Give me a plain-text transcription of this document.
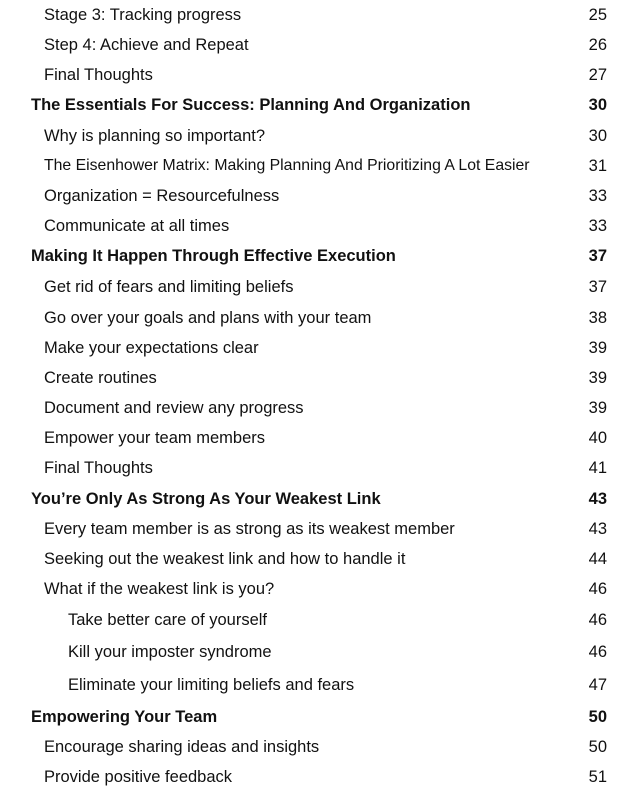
Stage 3: Tracking progress	25
Step 4: Achieve and Repeat	26
Final Thoughts	27
The Essentials For Success: Planning And Organization	30
Why is planning so important?	30
The Eisenhower Matrix: Making Planning And Prioritizing A Lot Easier	31
Organization = Resourcefulness	33
Communicate at all times	33
Making It Happen Through Effective Execution	37
Get rid of fears and limiting beliefs	37
Go over your goals and plans with your team	38
Make your expectations clear	39
Create routines	39
Document and review any progress	39
Empower your team members	40
Final Thoughts	41
You’re Only As Strong As Your Weakest Link	43
Every team member is as strong as its weakest member	43
Seeking out the weakest link and how to handle it	44
What if the weakest link is you?	46
Take better care of yourself	46
Kill your imposter syndrome	46
Eliminate your limiting beliefs and fears	47
Empowering Your Team	50
Encourage sharing ideas and insights	50
Provide positive feedback	51
